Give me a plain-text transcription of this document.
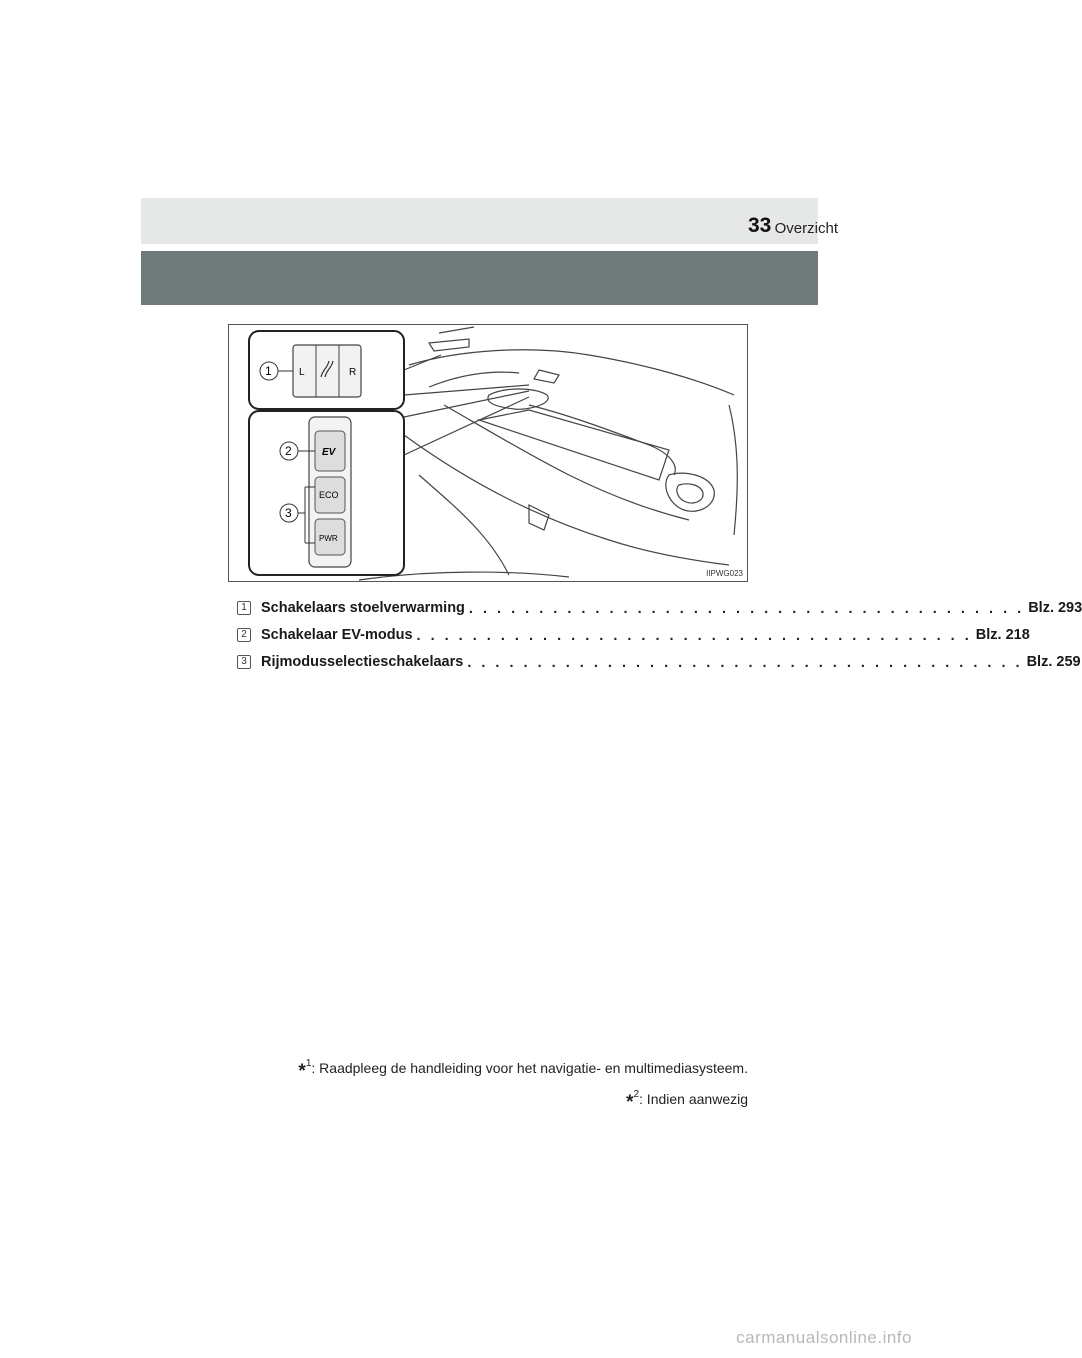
Overzicht
33
1
2
3
L	R
EV
ECO
PWR
IIPWG023
1 Schakelaars stoelverwarming . . . . . . . . . . . . . . . . . . . . . . . . . . . . . . . . . . . . . . . . Blz. 293
2 Schakelaar EV-modus . . . . . . . . . . . . . . . . . . . . . . . . . . . . . . . . . . . . . . . . Blz. 218
3 Rijmodusselectieschakelaars . . . . . . . . . . . . . . . . . . . . . . . . . . . . . . . . . . . . . . . . Blz. 259
*$^1$: Raadpleeg de handleiding voor het navigatie- en multimediasysteem.
*$^2$: Indien aanwezig
carmanualsonline.info
